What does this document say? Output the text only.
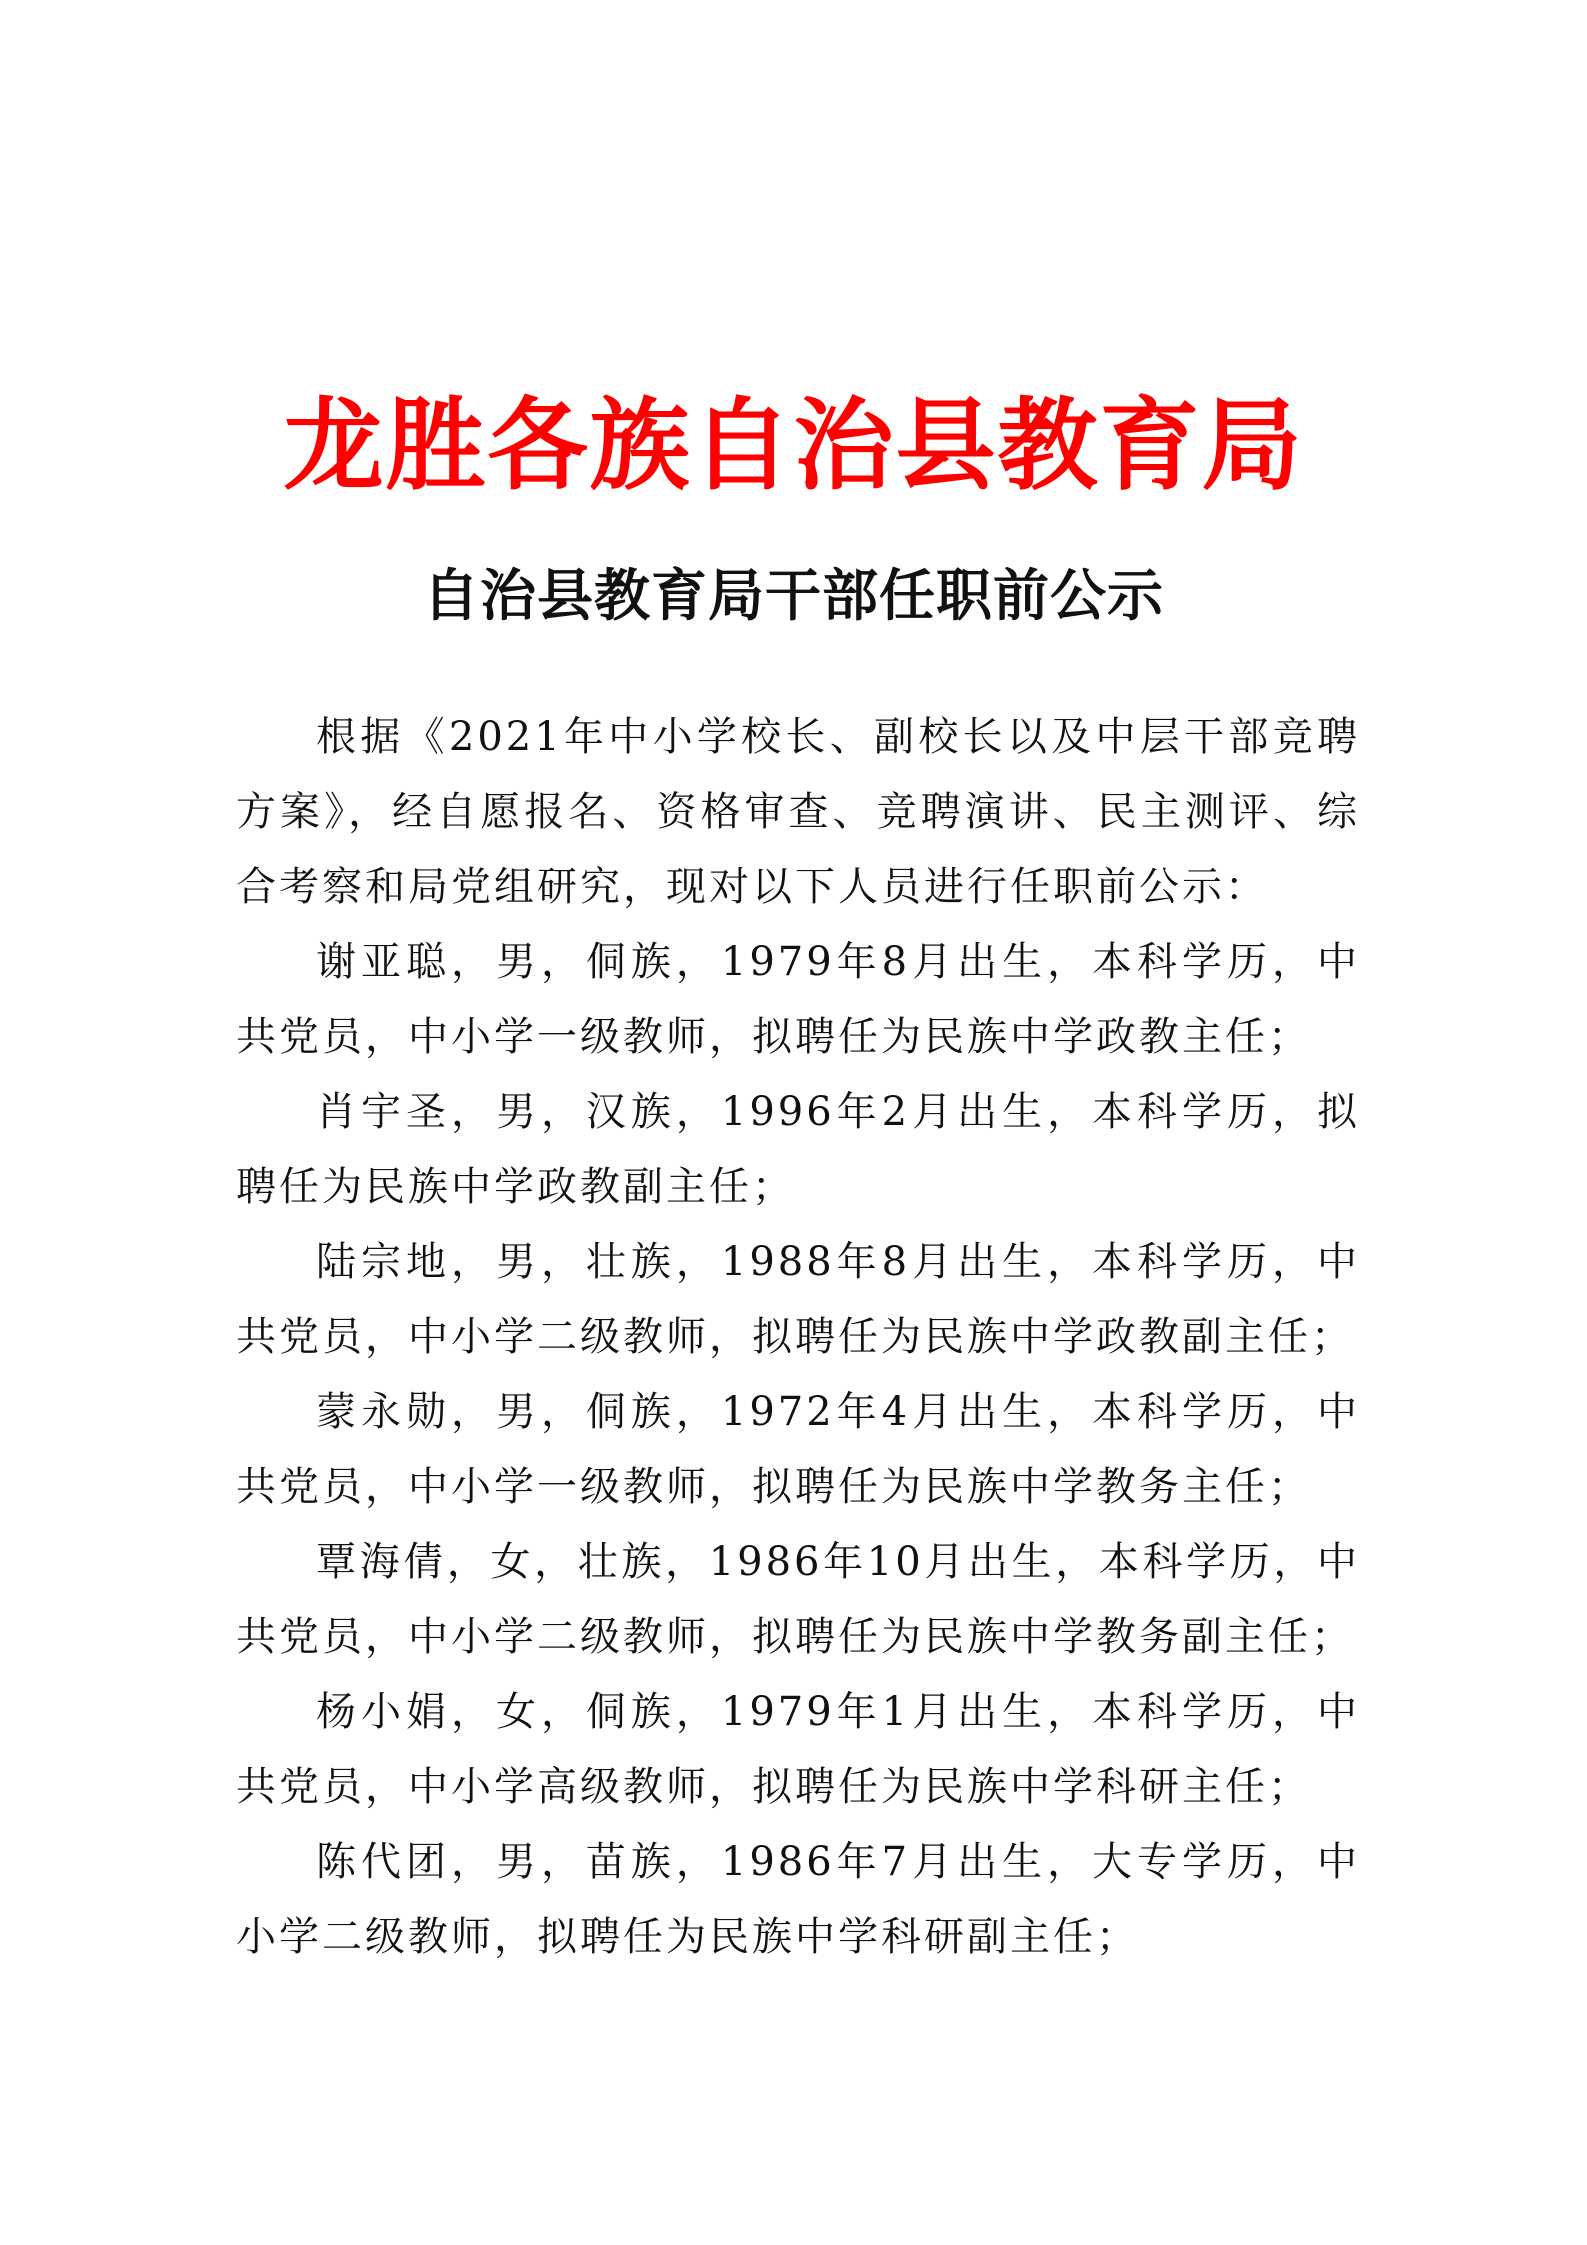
龙胜各族自治县教育局
自治县教育局干部任职前公示

根据《2021年中小学校长、副校长以及中层干部竞聘方案》，经自愿报名、资格审查、竞聘演讲、民主测评、综合考察和局党组研究，现对以下人员进行任职前公示：

谢亚聪，男，侗族，1979年8月出生，本科学历，中共党员，中小学一级教师，拟聘任为民族中学政教主任；

肖宇圣，男，汉族，1996年2月出生，本科学历，拟聘任为民族中学政教副主任；

陆宗地，男，壮族，1988年8月出生，本科学历，中共党员，中小学二级教师，拟聘任为民族中学政教副主任；

蒙永勋，男，侗族，1972年4月出生，本科学历，中共党员，中小学一级教师，拟聘任为民族中学教务主任；

覃海倩，女，壮族，1986年10月出生，本科学历，中共党员，中小学二级教师，拟聘任为民族中学教务副主任；

杨小娟，女，侗族，1979年1月出生，本科学历，中共党员，中小学高级教师，拟聘任为民族中学科研主任；

陈代团，男，苗族，1986年7月出生，大专学历，中小学二级教师，拟聘任为民族中学科研副主任；
